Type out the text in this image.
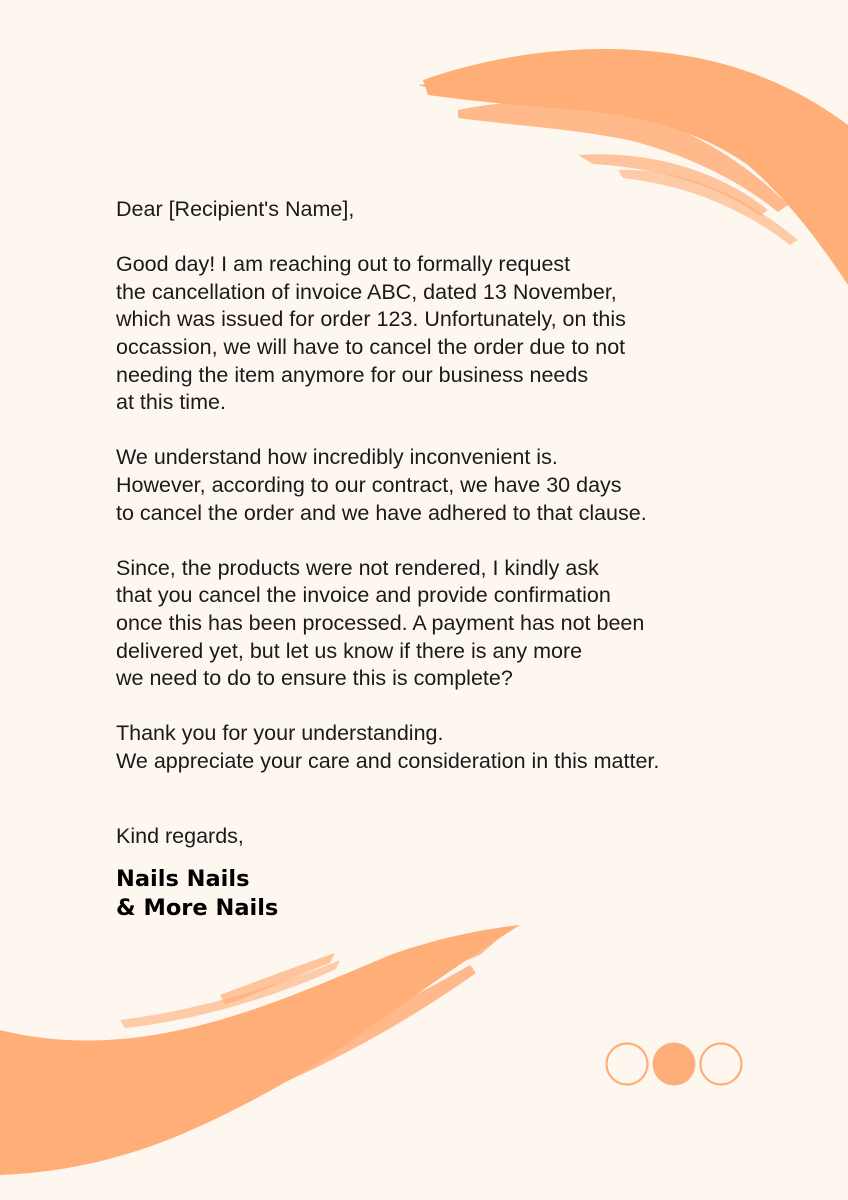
Dear [Recipient's Name],
Good day! I am reaching out to formally request
the cancellation of invoice ABC, dated 13 November,
which was issued for order 123. Unfortunately, on this
occassion, we will have to cancel the order due to not
needing the item anymore for our business needs
at this time.
We understand how incredibly inconvenient is.
However, according to our contract, we have 30 days
to cancel the order and we have adhered to that clause.
Since, the products were not rendered, I kindly ask
that you cancel the invoice and provide confirmation
once this has been processed. A payment has not been
delivered yet, but let us know if there is any more
we need to do to ensure this is complete?
Thank you for your understanding.
We appreciate your care and consideration in this matter.
Kind regards,
Nails Nails
& More Nails
